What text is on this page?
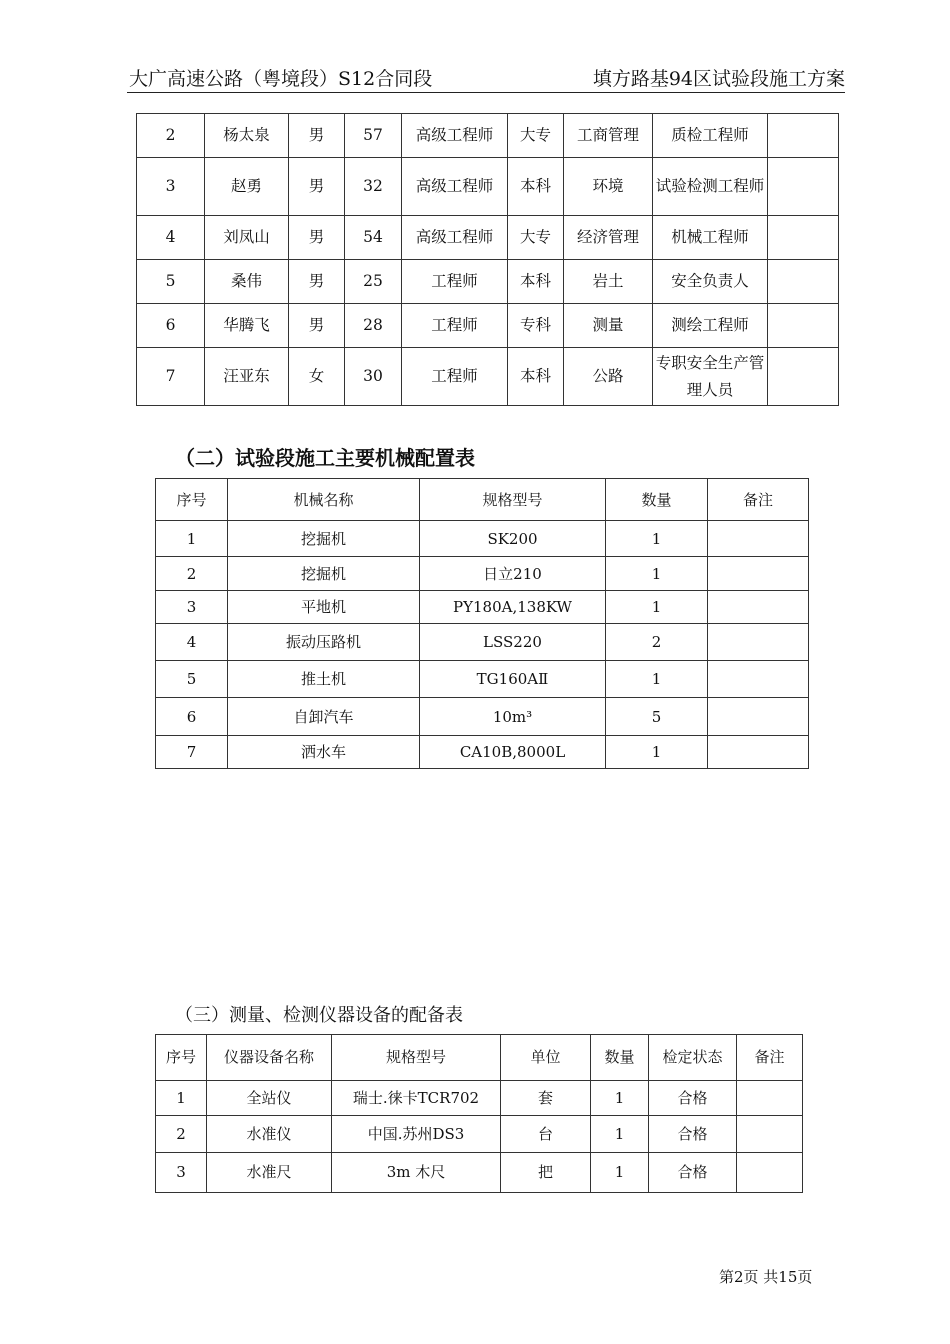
大广高速公路（粤境段）S12合同段	填方路基94区试验段施工方案
2	杨太泉	男	57	高级工程师	大专	工商管理	质检工程师	
3	赵勇	男	32	高级工程师	本科	环境	试验检测工程师	
4	刘凤山	男	54	高级工程师	大专	经济管理	机械工程师	
5	桑伟	男	25	工程师	本科	岩土	安全负责人	
6	华腾飞	男	28	工程师	专科	测量	测绘工程师	
7	汪亚东	女	30	工程师	本科	公路	专职安全生产管理人员	
（二）试验段施工主要机械配置表
序号	机械名称	规格型号	数量	备注
1	挖掘机	SK200	1	
2	挖掘机	日立210	1	
3	平地机	PY180A,138KW	1	
4	振动压路机	LSS220	2	
5	推土机	TG160AⅡ	1	
6	自卸汽车	10m³	5	
7	洒水车	CA10B,8000L	1	
（三）测量、检测仪器设备的配备表
序号	仪器设备名称	规格型号	单位	数量	检定状态	备注
1	全站仪	瑞士.徕卡TCR702	套	1	合格	
2	水准仪	中国.苏州DS3	台	1	合格	
3	水准尺	3m 木尺	把	1	合格	
第2页 共15页
